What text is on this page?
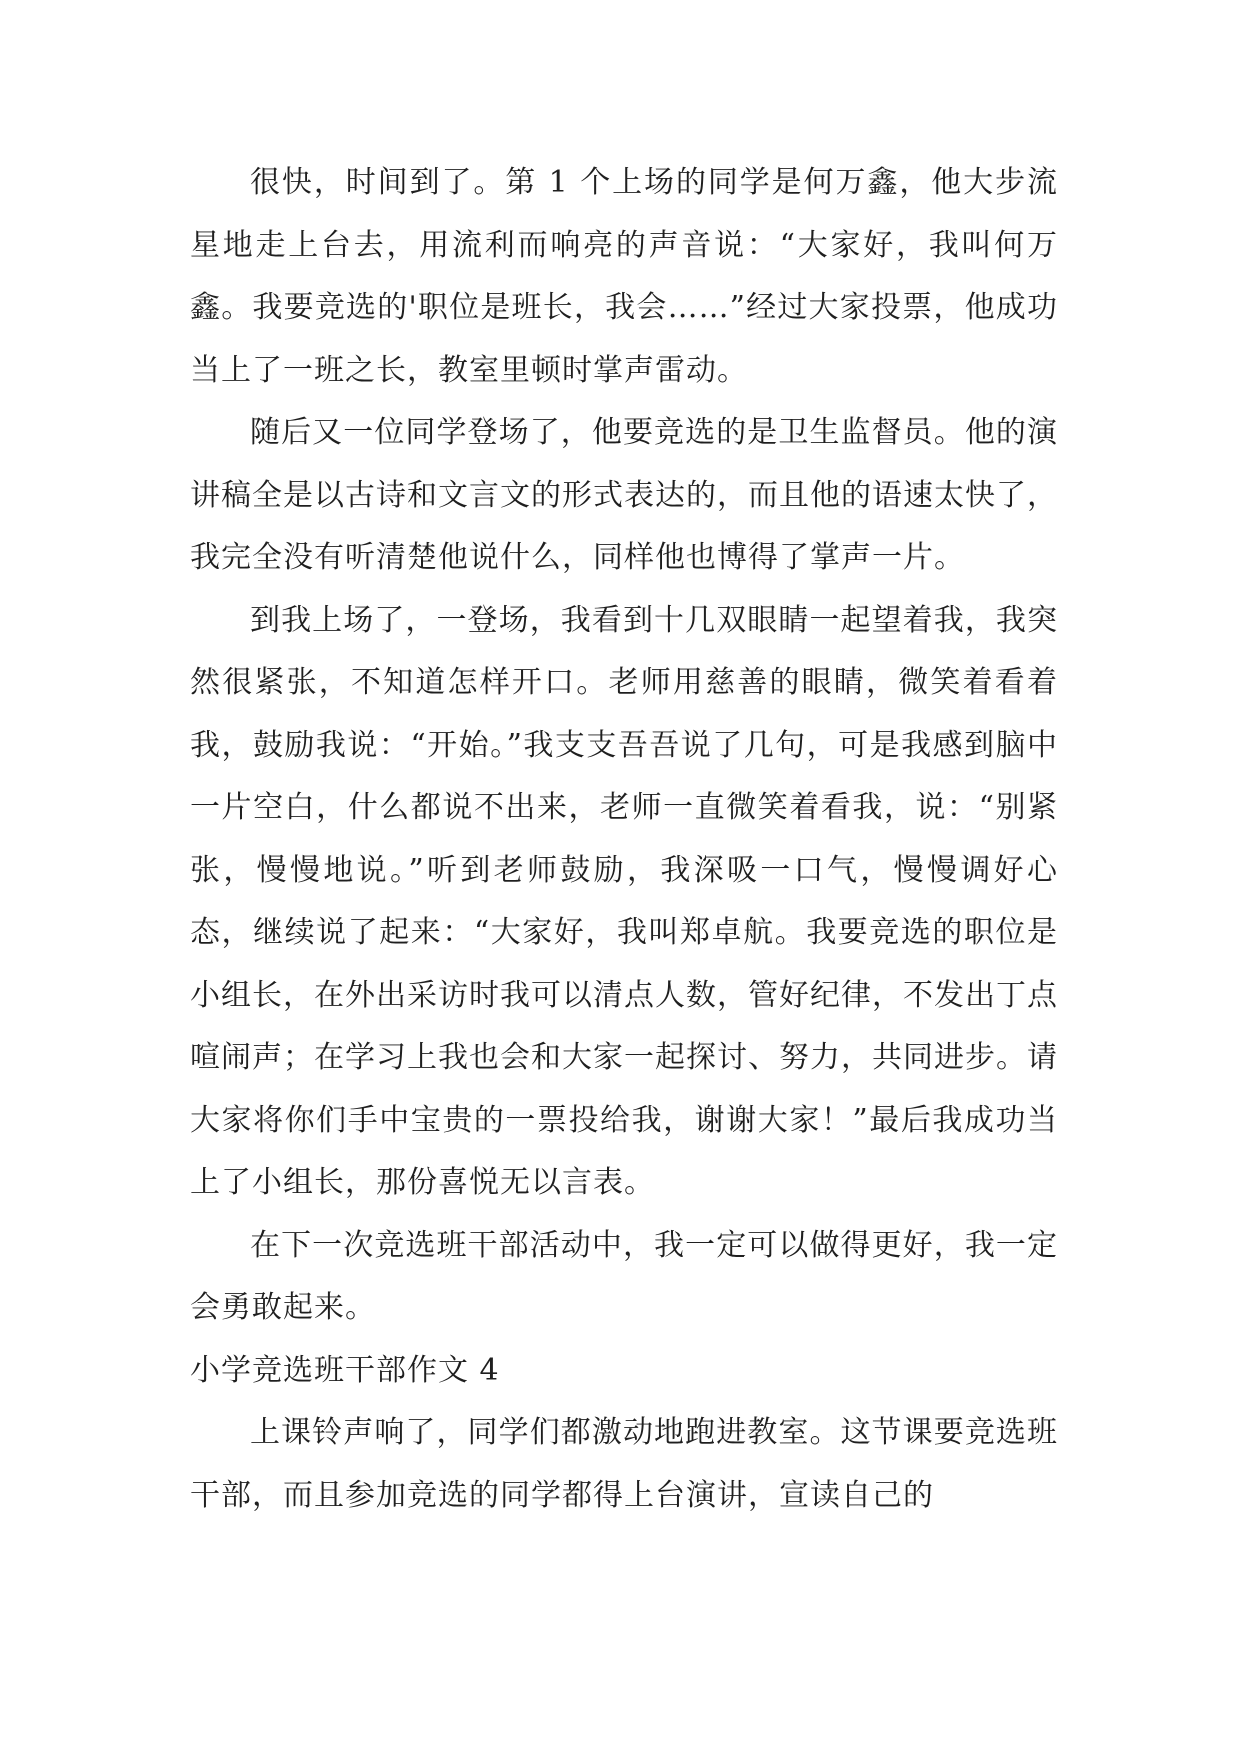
很快，时间到了。第 1 个上场的同学是何万鑫，他大步流星地走上台去，用流利而响亮的声音说：“大家好，我叫何万鑫。我要竞选的'职位是班长，我会……”经过大家投票，他成功当上了一班之长，教室里顿时掌声雷动。

随后又一位同学登场了，他要竞选的是卫生监督员。他的演讲稿全是以古诗和文言文的形式表达的，而且他的语速太快了，我完全没有听清楚他说什么，同样他也博得了掌声一片。

到我上场了，一登场，我看到十几双眼睛一起望着我，我突然很紧张，不知道怎样开口。老师用慈善的眼睛，微笑着看着我，鼓励我说：“开始。”我支支吾吾说了几句，可是我感到脑中一片空白，什么都说不出来，老师一直微笑着看我，说：“别紧张，慢慢地说。”听到老师鼓励，我深吸一口气，慢慢调好心态，继续说了起来：“大家好，我叫郑卓航。我要竞选的职位是小组长，在外出采访时我可以清点人数，管好纪律，不发出丁点喧闹声；在学习上我也会和大家一起探讨、努力，共同进步。请大家将你们手中宝贵的一票投给我，谢谢大家！”最后我成功当上了小组长，那份喜悦无以言表。

在下一次竞选班干部活动中，我一定可以做得更好，我一定会勇敢起来。

小学竞选班干部作文 4

上课铃声响了，同学们都激动地跑进教室。这节课要竞选班干部，而且参加竞选的同学都得上台演讲，宣读自己的
